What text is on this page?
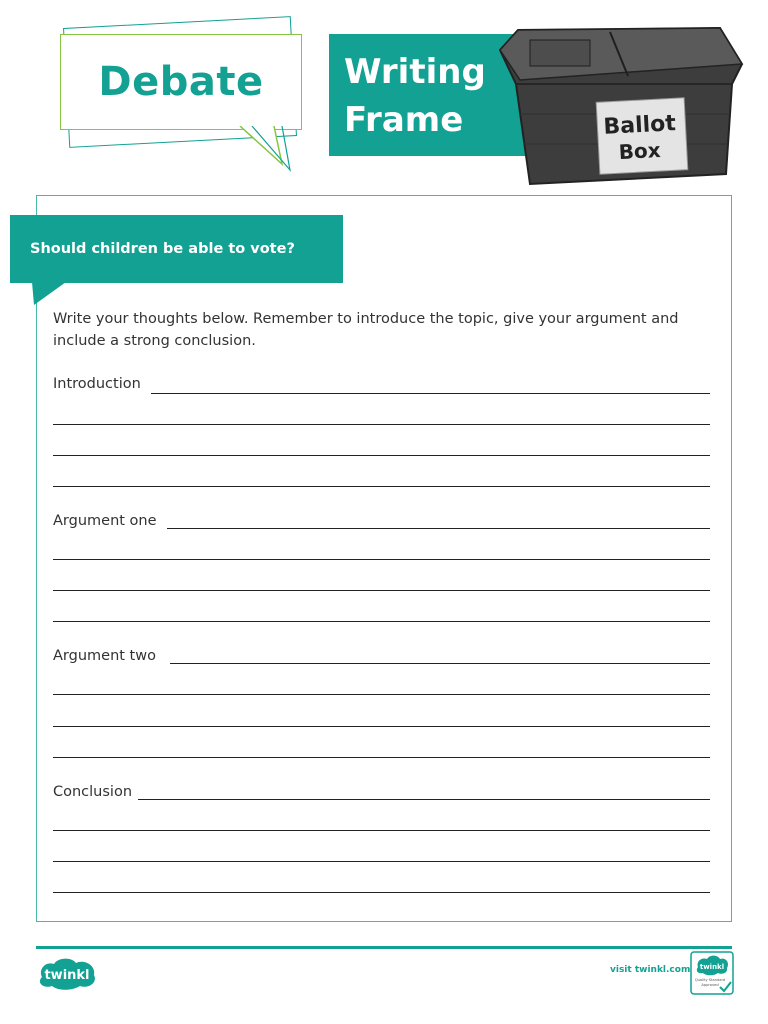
Debate Writing
Frame	Ballot
Box
Should children be able to vote?
Write your thoughts below. Remember to introduce the topic, give your argument and include a strong conclusion.
Introduction
Argument one
Argument two
Conclusion
twinkl	visit twinkl.com twinkl
Quality Standard
Approved
